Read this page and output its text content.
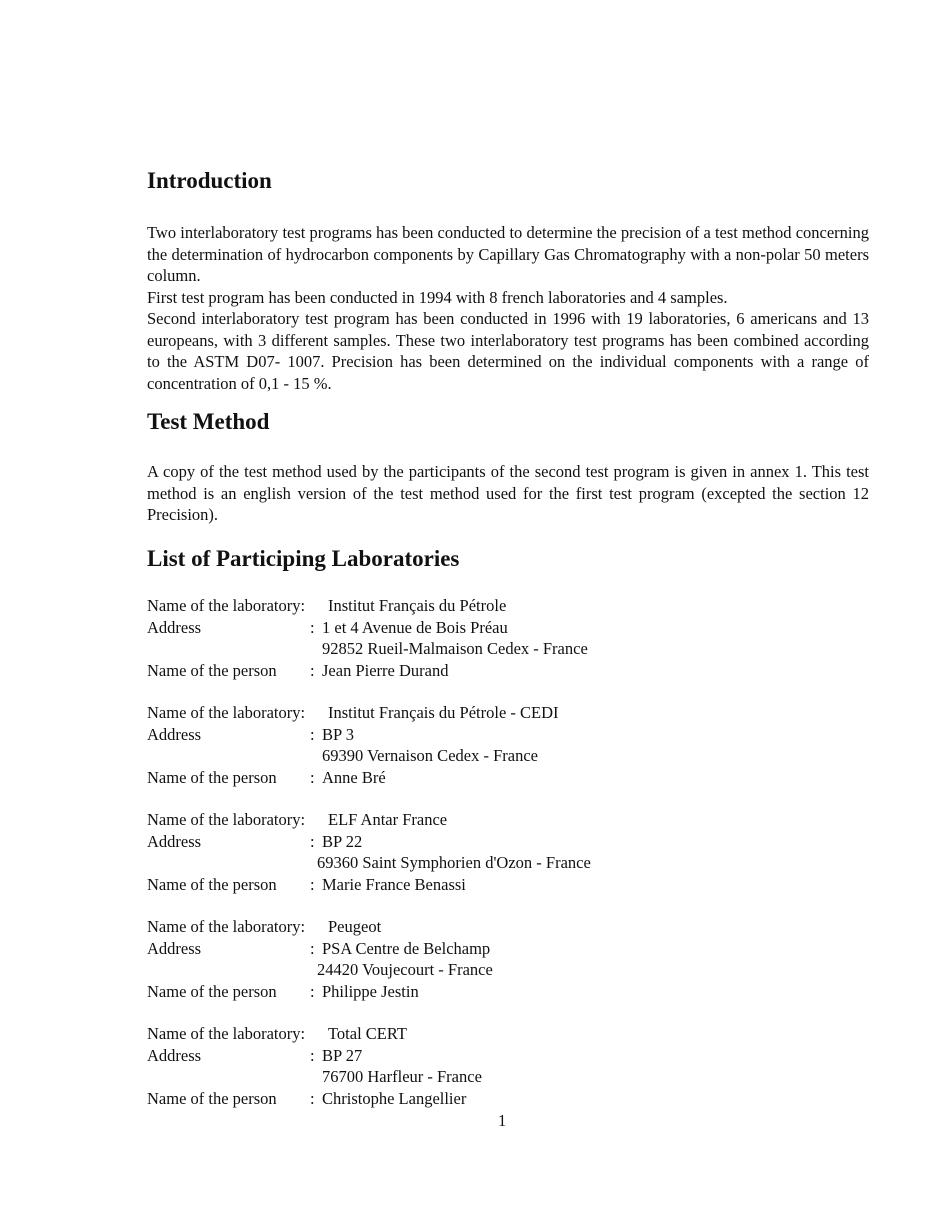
Introduction

Two interlaboratory test programs has been conducted to determine the precision of a test method concerning the determination of hydrocarbon components by Capillary Gas Chromatography with a non-polar 50 meters column.

First test program has been conducted in 1994 with 8 french laboratories and 4 samples.

Second interlaboratory test program has been conducted in 1996 with 19 laboratories, 6 americans and 13 europeans, with 3 different samples. These two interlaboratory test programs has been combined according to the ASTM D07- 1007. Precision has been determined on the individual components with a range of concentration of 0,1 - 15 %.

Test Method

A copy of the test method used by the participants of the second test program is given in annex 1. This test method is an english version of the test method used for the first test program (excepted the section 12 Precision).

List of Participing Laboratories
Name of the laboratory: Institut Français du Pétrole
Address	: 1 et 4 Avenue de Bois Préau
92852 Rueil-Malmaison Cedex - France
Name of the person : Jean Pierre Durand
Name of the laboratory: Institut Français du Pétrole - CEDI
Address	: BP 3
69390 Vernaison Cedex - France
Name of the person : Anne Bré
Name of the laboratory: ELF Antar France
Address	: BP 22
69360 Saint Symphorien d'Ozon - France
Name of the person : Marie France Benassi
Name of the laboratory: Peugeot
Address	: PSA Centre de Belchamp
24420 Voujecourt - France
Name of the person : Philippe Jestin
Name of the laboratory: Total CERT
Address	: BP 27
76700 Harfleur - France
Name of the person : Christophe Langellier
1
